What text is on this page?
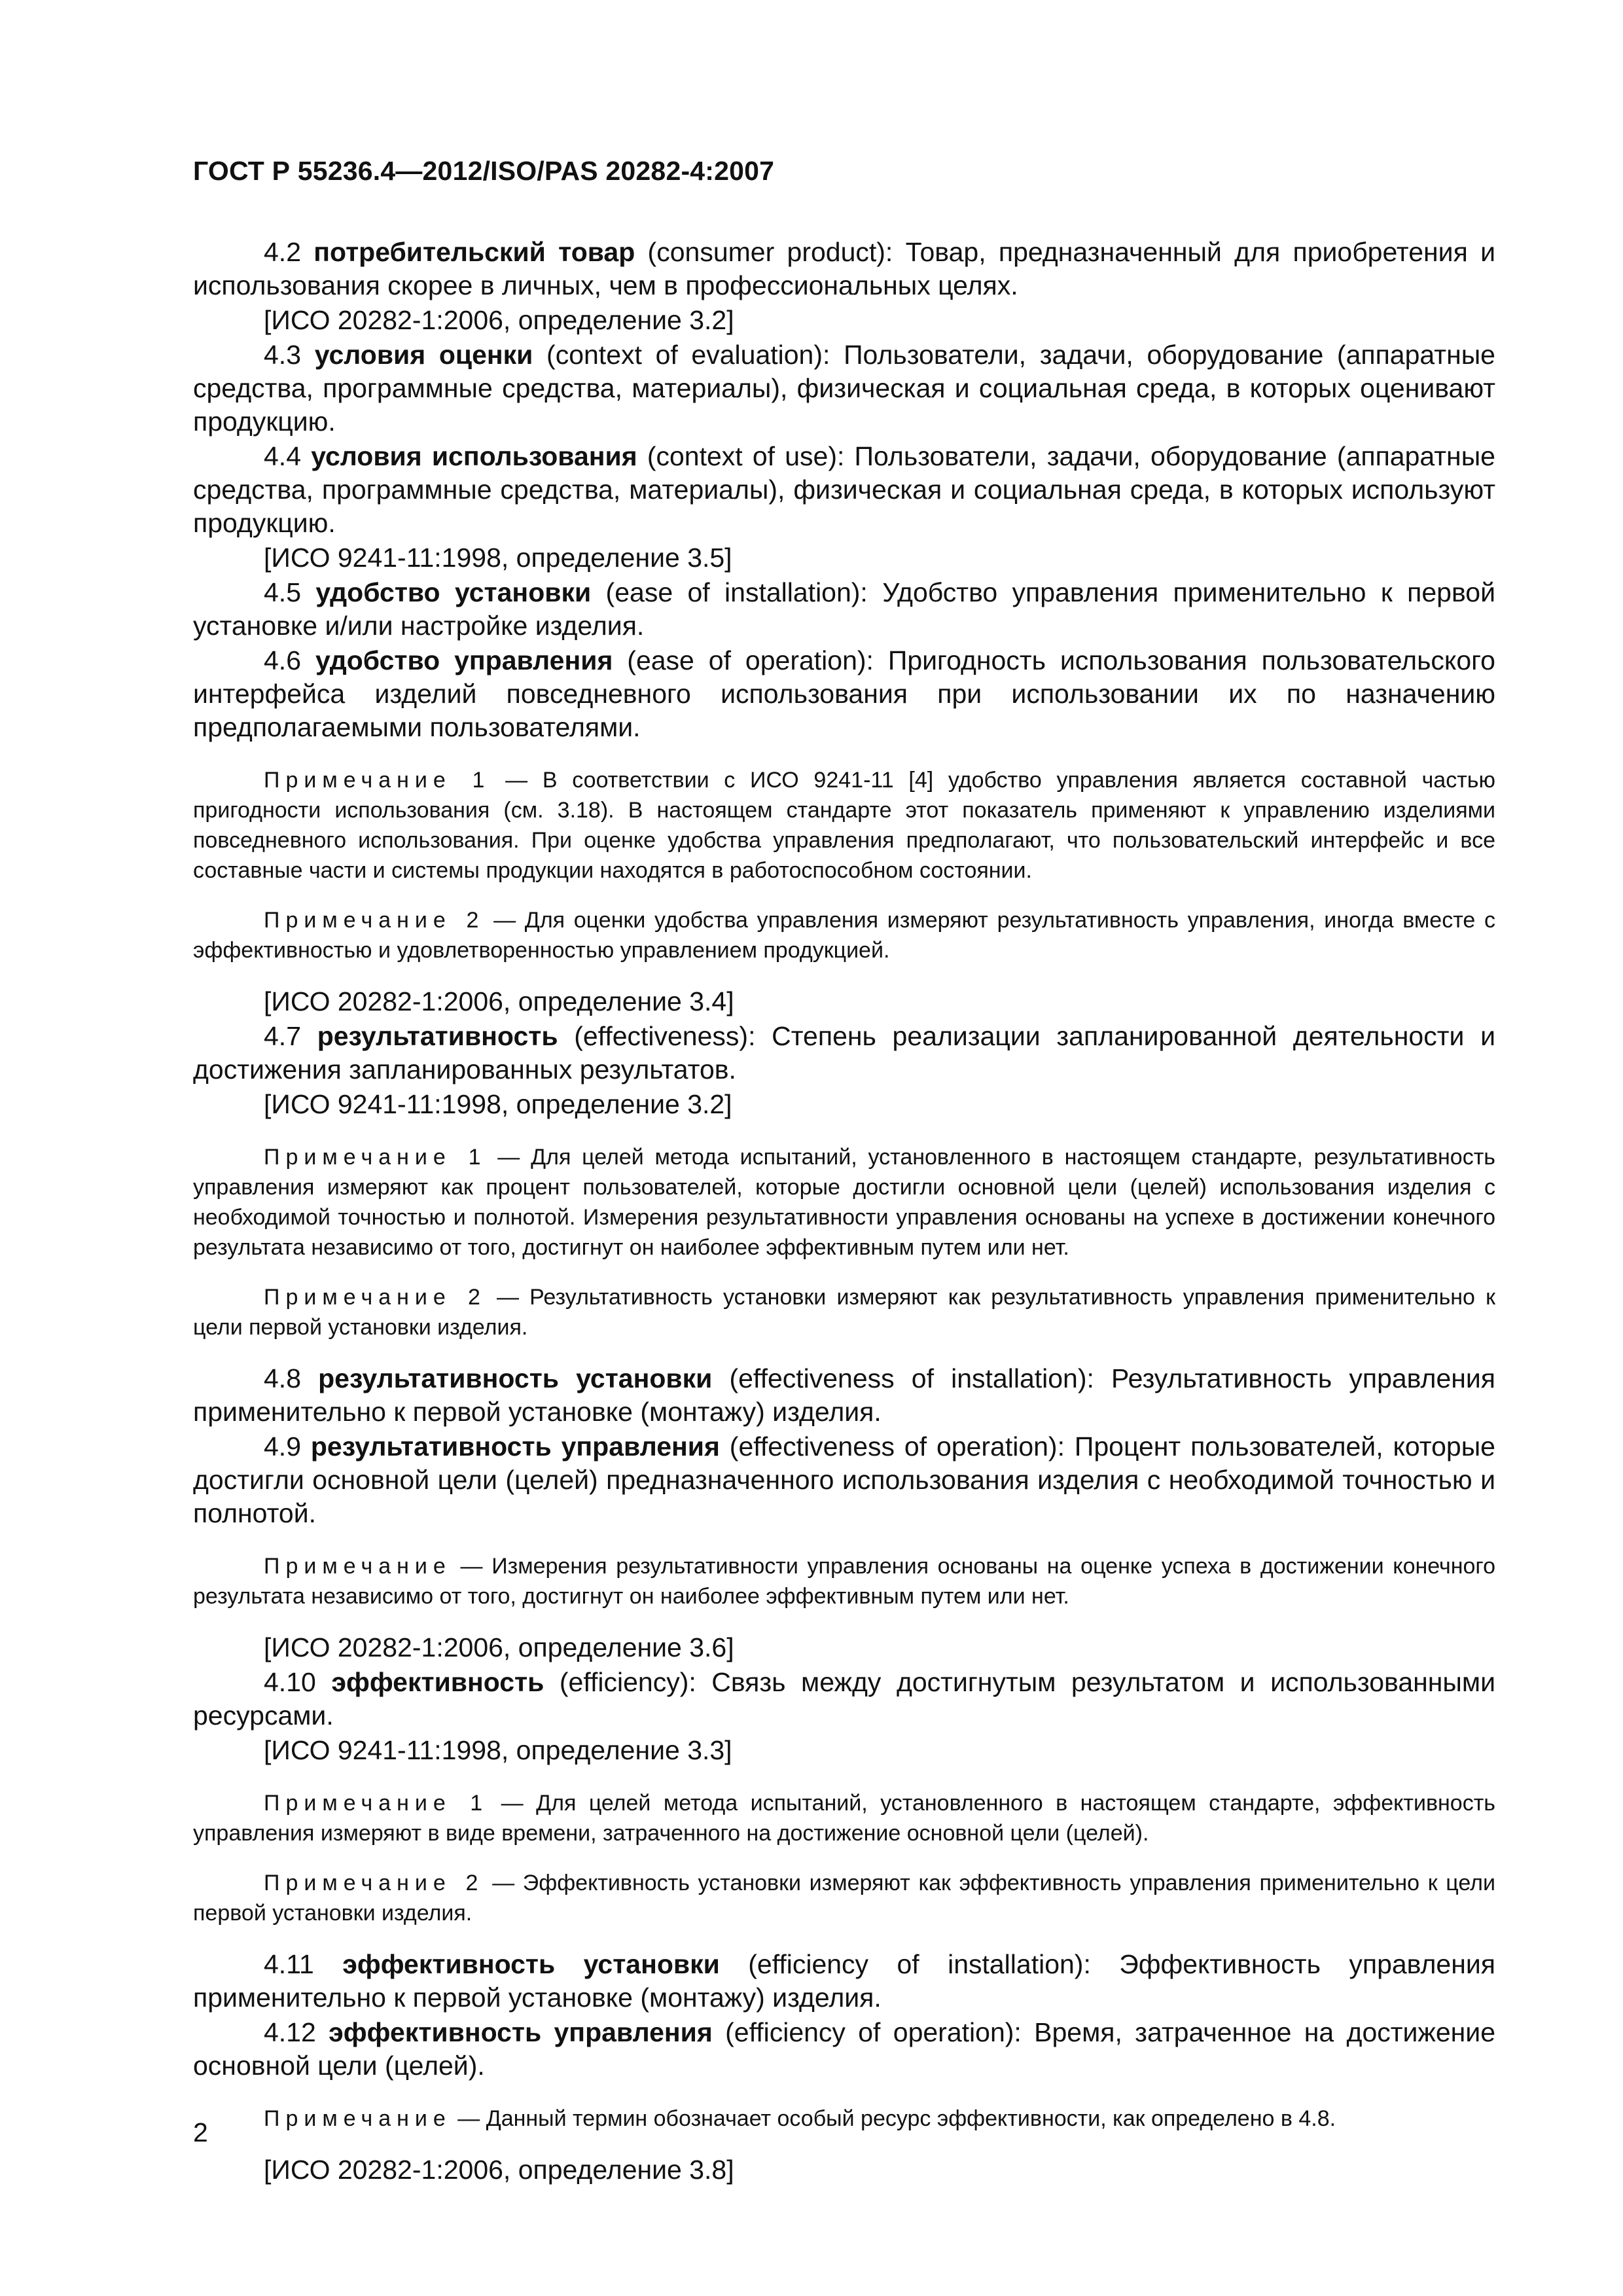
ГОСТ Р 55236.4—2012/ISO/PAS 20282-4:2007

4.2 потребительский товар (consumer product): Товар, предназначенный для приобретения и использования скорее в личных, чем в профессиональных целях.

[ИСО 20282-1:2006, определение 3.2]

4.3 условия оценки (context of evaluation): Пользователи, задачи, оборудование (аппаратные средства, программные средства, материалы), физическая и социальная среда, в которых оценивают продукцию.

4.4 условия использования (context of use): Пользователи, задачи, оборудование (аппаратные средства, программные средства, материалы), физическая и социальная среда, в которых используют продукцию.

[ИСО 9241-11:1998, определение 3.5]

4.5 удобство установки (ease of installation): Удобство управления применительно к первой установке и/или настройке изделия.

4.6 удобство управления (ease of operation): Пригодность использования пользовательского интерфейса изделий повседневного использования при использовании их по назначению предполагаемыми пользователями.

Примечание 1 — В соответствии с ИСО 9241-11 [4] удобство управления является составной частью пригодности использования (см. 3.18). В настоящем стандарте этот показатель применяют к управлению изделиями повседневного использования. При оценке удобства управления предполагают, что пользовательский интерфейс и все составные части и системы продукции находятся в работоспособном состоянии.

Примечание 2 — Для оценки удобства управления измеряют результативность управления, иногда вместе с эффективностью и удовлетворенностью управлением продукцией.

[ИСО 20282-1:2006, определение 3.4]

4.7 результативность (effectiveness): Степень реализации запланированной деятельности и достижения запланированных результатов.

[ИСО 9241-11:1998, определение 3.2]

Примечание 1 — Для целей метода испытаний, установленного в настоящем стандарте, результативность управления измеряют как процент пользователей, которые достигли основной цели (целей) использования изделия с необходимой точностью и полнотой. Измерения результативности управления основаны на успехе в достижении конечного результата независимо от того, достигнут он наиболее эффективным путем или нет.

Примечание 2 — Результативность установки измеряют как результативность управления применительно к цели первой установки изделия.

4.8 результативность установки (effectiveness of installation): Результативность управления применительно к первой установке (монтажу) изделия.

4.9 результативность управления (effectiveness of operation): Процент пользователей, которые достигли основной цели (целей) предназначенного использования изделия с необходимой точностью и полнотой.

Примечание — Измерения результативности управления основаны на оценке успеха в достижении конечного результата независимо от того, достигнут он наиболее эффективным путем или нет.

[ИСО 20282-1:2006, определение 3.6]

4.10 эффективность (efficiency): Связь между достигнутым результатом и использованными ресурсами.

[ИСО 9241-11:1998, определение 3.3]

Примечание 1 — Для целей метода испытаний, установленного в настоящем стандарте, эффективность управления измеряют в виде времени, затраченного на достижение основной цели (целей).

Примечание 2 — Эффективность установки измеряют как эффективность управления применительно к цели первой установки изделия.

4.11 эффективность установки (efficiency of installation): Эффективность управления применительно к первой установке (монтажу) изделия.

4.12 эффективность управления (efficiency of operation): Время, затраченное на достижение основной цели (целей).

Примечание — Данный термин обозначает особый ресурс эффективности, как определено в 4.8.

[ИСО 20282-1:2006, определение 3.8]
2
